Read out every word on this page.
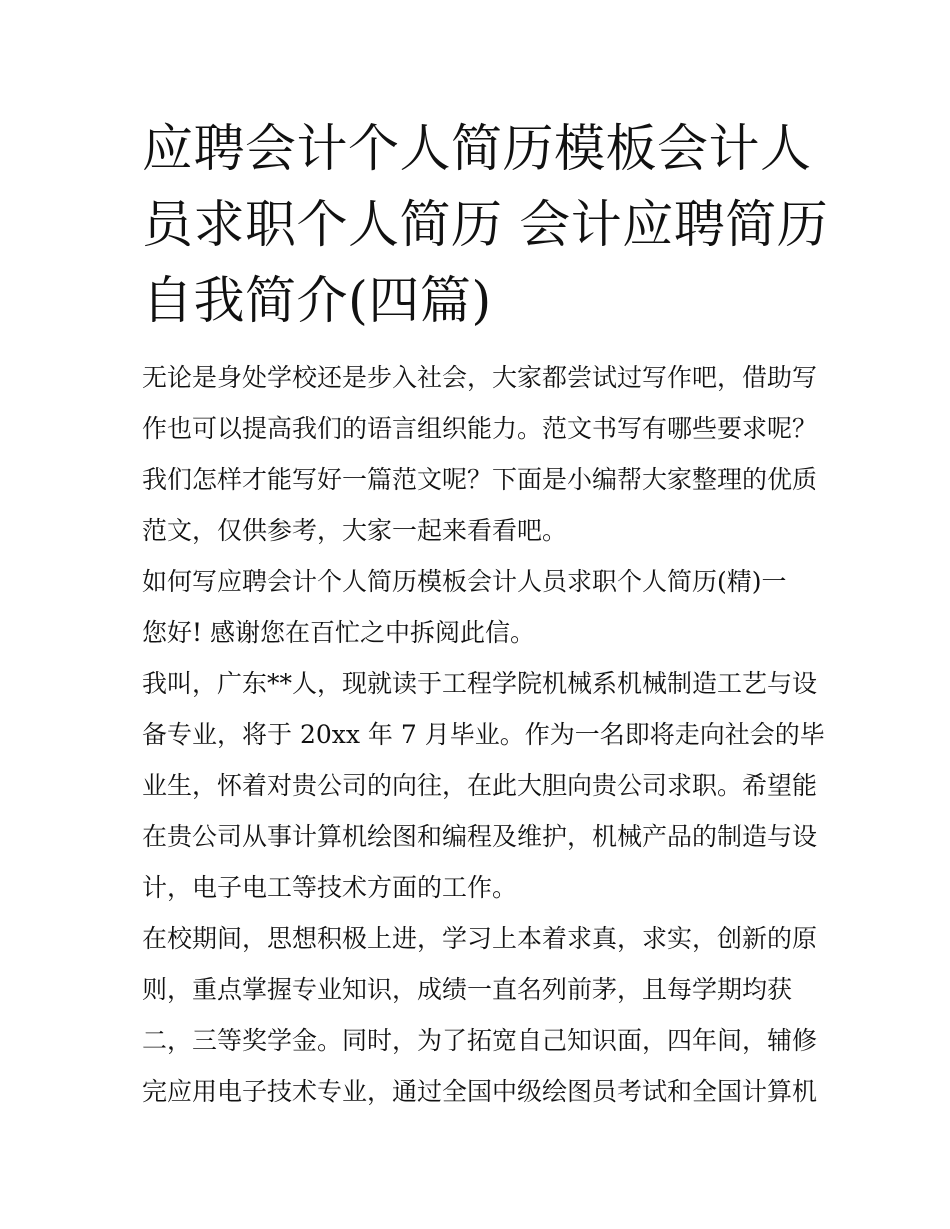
应聘会计个人简历模板会计人
员求职个人简历 会计应聘简历
自我简介(四篇)
无论是身处学校还是步入社会，大家都尝试过写作吧，借助写
作也可以提高我们的语言组织能力。范文书写有哪些要求呢？
我们怎样才能写好一篇范文呢？下面是小编帮大家整理的优质
范文，仅供参考，大家一起来看看吧。
如何写应聘会计个人简历模板会计人员求职个人简历(精)一
您好! 感谢您在百忙之中拆阅此信。
我叫，广东**人，现就读于工程学院机械系机械制造工艺与设
备专业，将于 20xx 年 7 月毕业。作为一名即将走向社会的毕
业生，怀着对贵公司的向往，在此大胆向贵公司求职。希望能
在贵公司从事计算机绘图和编程及维护，机械产品的制造与设
计，电子电工等技术方面的工作。
在校期间，思想积极上进，学习上本着求真，求实，创新的原
则，重点掌握专业知识，成绩一直名列前茅，且每学期均获
二，三等奖学金。同时，为了拓宽自己知识面，四年间，辅修
完应用电子技术专业，通过全国中级绘图员考试和全国计算机
